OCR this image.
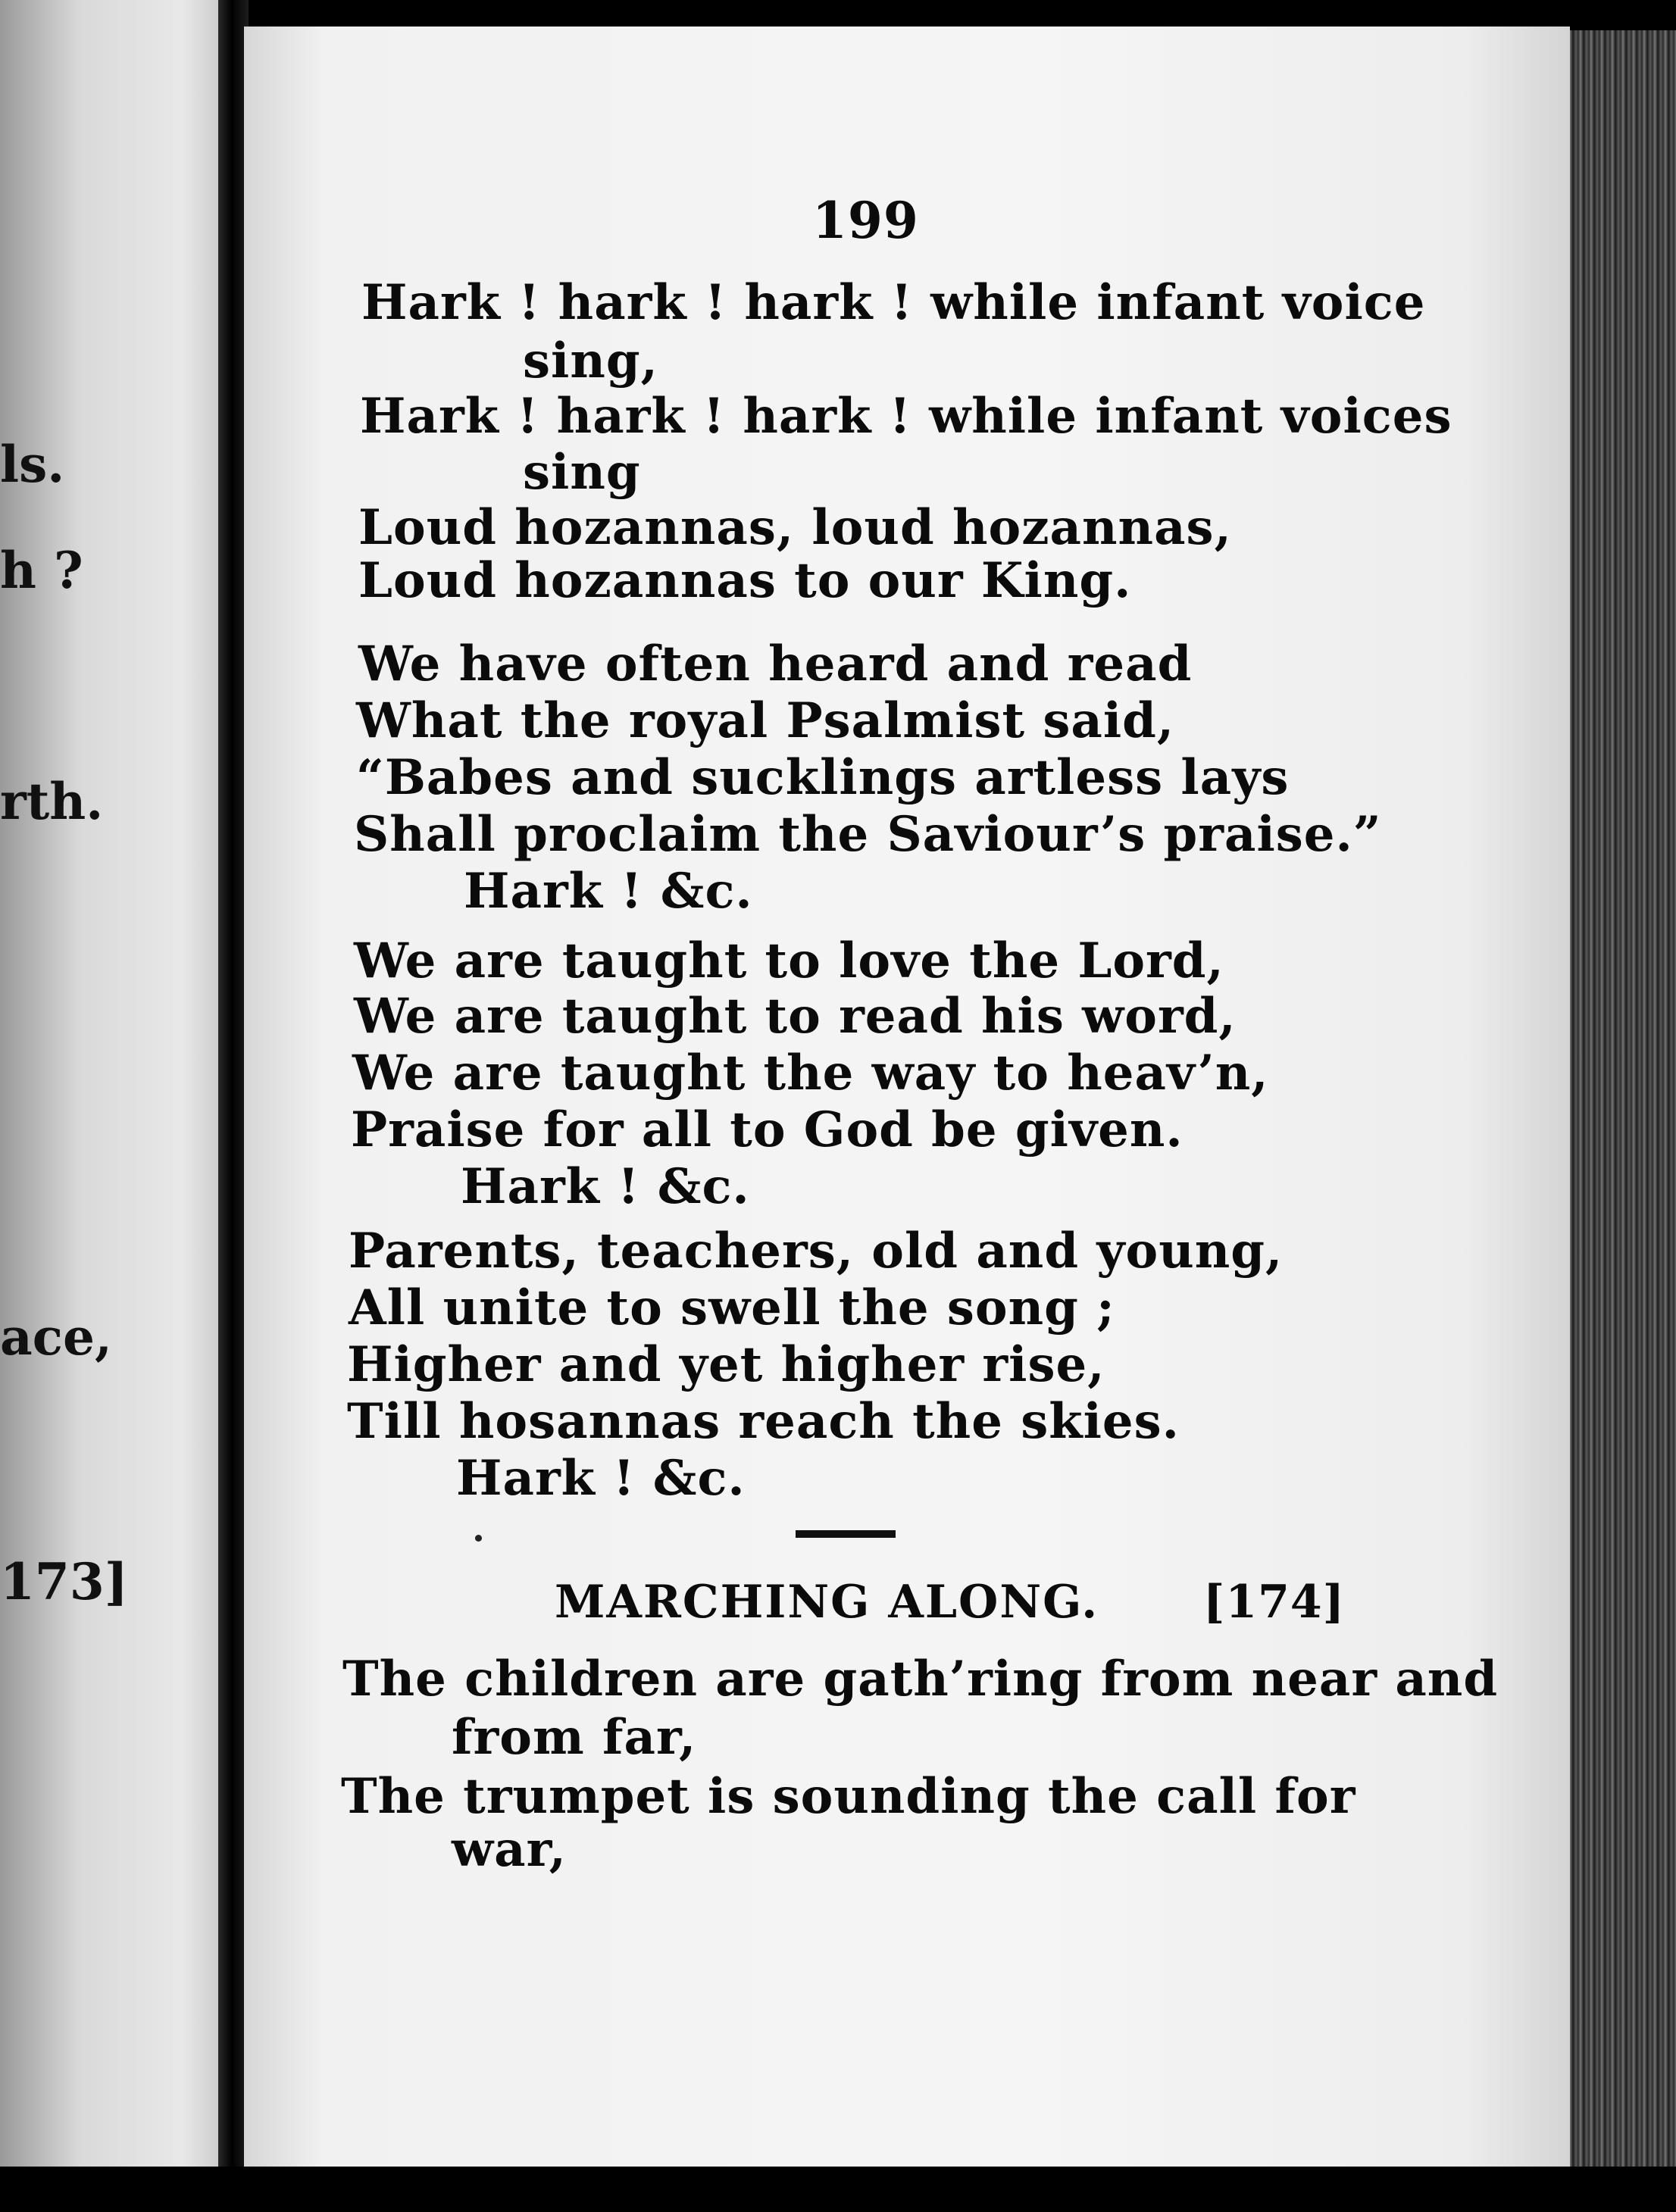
ls.
h ?
rth.
ace,
173]
199
Hark ! hark ! hark ! while infant voice
sing,
Hark ! hark ! hark ! while infant voices
sing
Loud hozannas, loud hozannas,
Loud hozannas to our King.
We have often heard and read
What the royal Psalmist said,
“Babes and sucklings artless lays
Shall proclaim the Saviour’s praise.”
Hark ! &c.
We are taught to love the Lord,
We are taught to read his word,
We are taught the way to heav’n,
Praise for all to God be given.
Hark ! &c.
Parents, teachers, old and young,
All unite to swell the song ;
Higher and yet higher rise,
Till hosannas reach the skies.
Hark ! &c.
MARCHING ALONG. [174]
The children are gath’ring from near and
from far,
The trumpet is sounding the call for
war,
